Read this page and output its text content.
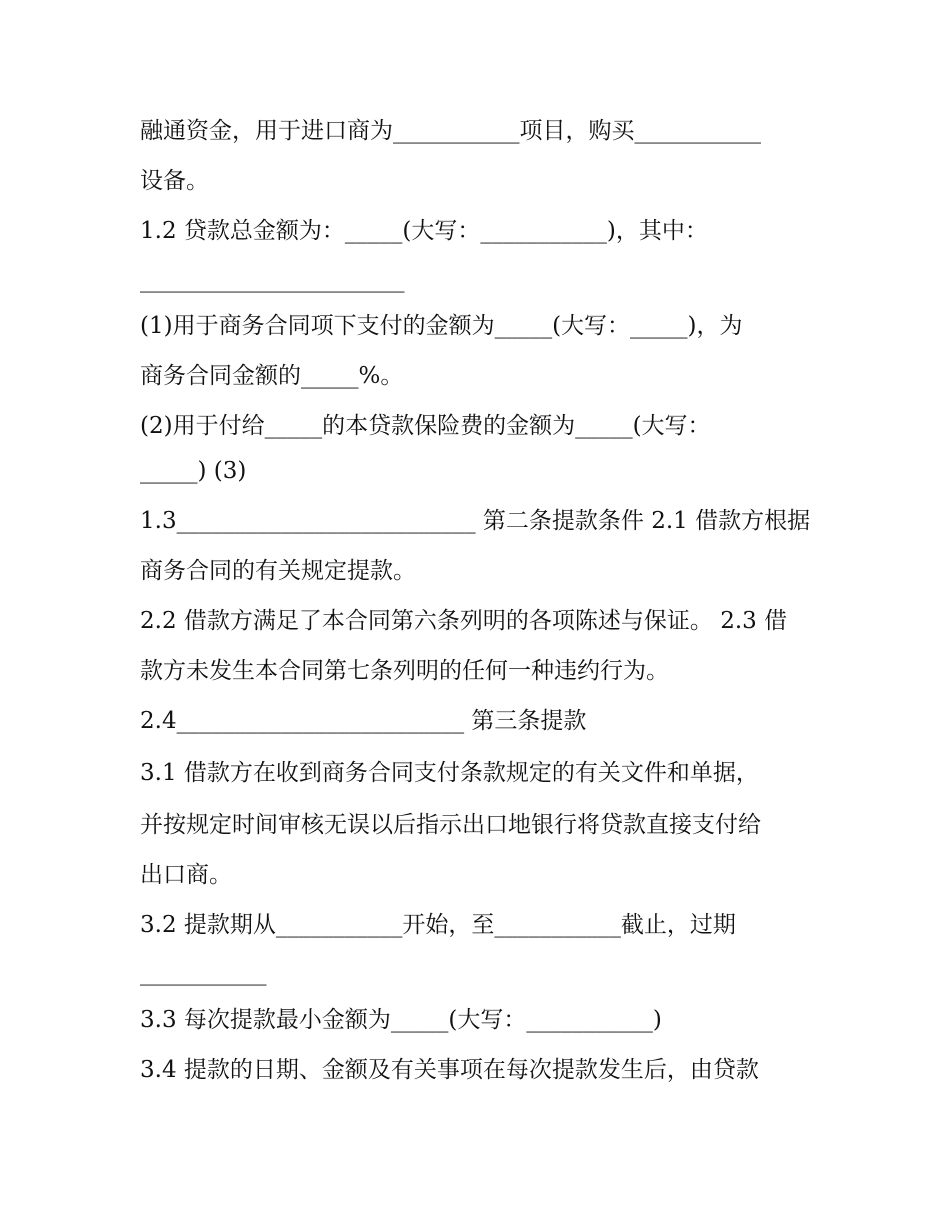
融通资金，用于进口商为___________项目，购买___________
设备。
1.2 贷款总金额为：_____(大写：___________)，其中：
_______________________
(1)用于商务合同项下支付的金额为_____(大写：_____)，为
商务合同金额的_____%。
(2)用于付给_____的本贷款保险费的金额为_____(大写：
_____) (3)
1.3__________________________ 第二条提款条件 2.1 借款方根据
商务合同的有关规定提款。
2.2 借款方满足了本合同第六条列明的各项陈述与保证。 2.3 借
款方未发生本合同第七条列明的任何一种违约行为。
2.4_________________________ 第三条提款
3.1 借款方在收到商务合同支付条款规定的有关文件和单据，
并按规定时间审核无误以后指示出口地银行将贷款直接支付给
出口商。
3.2 提款期从___________开始，至___________截止，过期
___________
3.3 每次提款最小金额为_____(大写：___________)
3.4 提款的日期、金额及有关事项在每次提款发生后，由贷款
